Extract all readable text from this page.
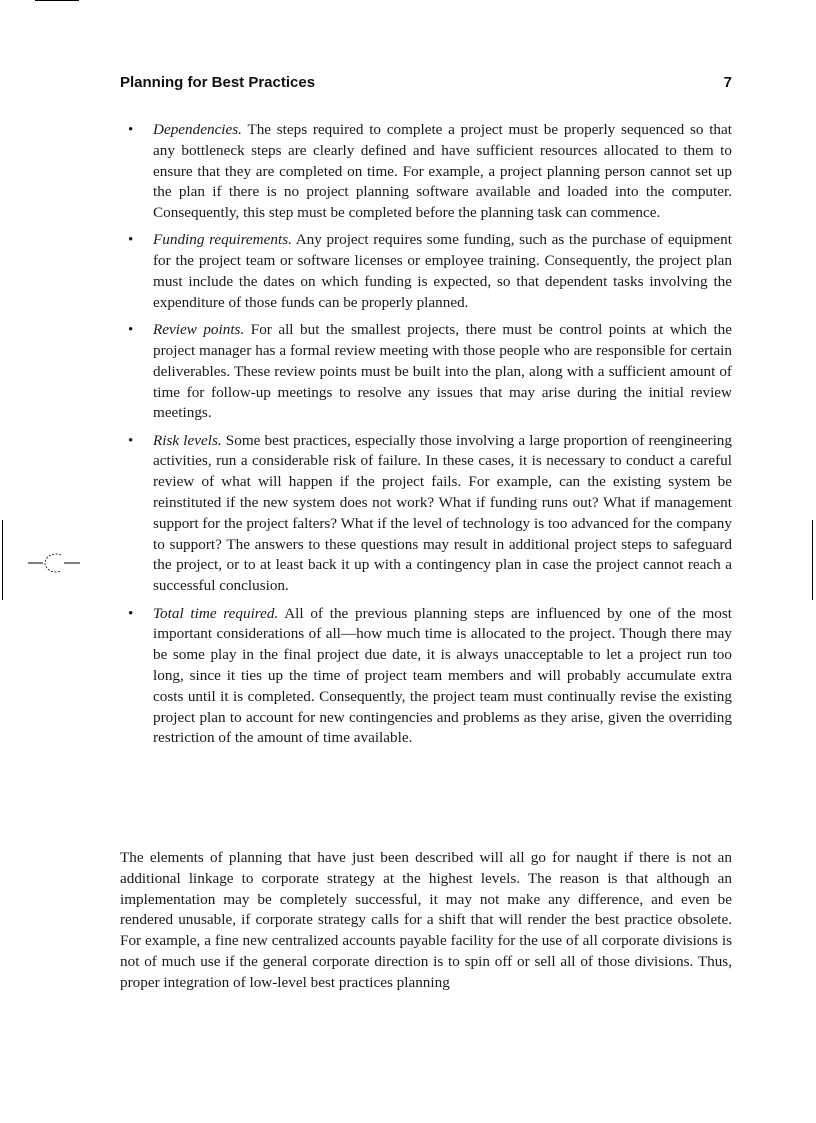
Planning for Best Practices	7
• Dependencies. The steps required to complete a project must be properly sequenced so that any bottleneck steps are clearly defined and have sufficient resources allocated to them to ensure that they are completed on time. For example, a project planning person cannot set up the plan if there is no project planning software available and loaded into the computer. Consequently, this step must be completed before the planning task can commence.
• Funding requirements. Any project requires some funding, such as the purchase of equipment for the project team or software licenses or employee training. Consequently, the project plan must include the dates on which funding is expected, so that dependent tasks involving the expenditure of those funds can be properly planned.
• Review points. For all but the smallest projects, there must be control points at which the project manager has a formal review meeting with those people who are responsible for certain deliverables. These review points must be built into the plan, along with a sufficient amount of time for follow-up meetings to resolve any issues that may arise during the initial review meetings.
• Risk levels. Some best practices, especially those involving a large proportion of reengineering activities, run a considerable risk of failure. In these cases, it is necessary to conduct a careful review of what will happen if the project fails. For example, can the existing system be reinstituted if the new system does not work? What if funding runs out? What if management support for the project falters? What if the level of technology is too advanced for the company to support? The answers to these questions may result in additional project steps to safeguard the project, or to at least back it up with a contingency plan in case the project cannot reach a successful conclusion.
• Total time required. All of the previous planning steps are influenced by one of the most important considerations of all—how much time is allocated to the project. Though there may be some play in the final project due date, it is always unacceptable to let a project run too long, since it ties up the time of project team members and will probably accumulate extra costs until it is completed. Consequently, the project team must continually revise the existing project plan to account for new contingencies and problems as they arise, given the overriding restriction of the amount of time available.

The elements of planning that have just been described will all go for naught if there is not an additional linkage to corporate strategy at the highest levels. The reason is that although an implementation may be completely successful, it may not make any difference, and even be rendered unusable, if corporate strategy calls for a shift that will render the best practice obsolete. For example, a fine new centralized accounts payable facility for the use of all corporate divisions is not of much use if the general corporate direction is to spin off or sell all of those divisions. Thus, proper integration of low-level best practices planning
